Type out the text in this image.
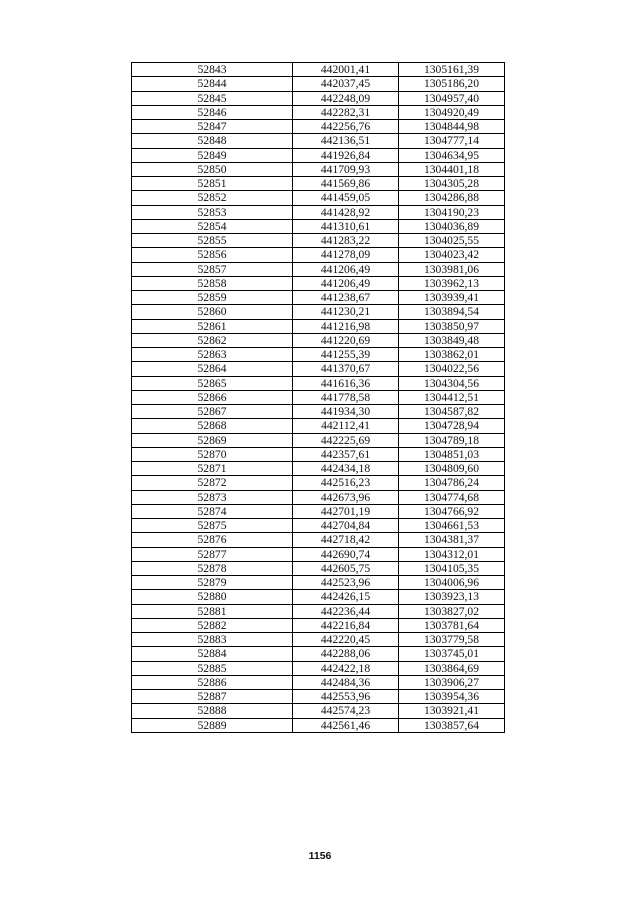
52843	442001,41	1305161,39
52844	442037,45	1305186,20
52845	442248,09	1304957,40
52846	442282,31	1304920,49
52847	442256,76	1304844,98
52848	442136,51	1304777,14
52849	441926,84	1304634,95
52850	441709,93	1304401,18
52851	441569,86	1304305,28
52852	441459,05	1304286,88
52853	441428,92	1304190,23
52854	441310,61	1304036,89
52855	441283,22	1304025,55
52856	441278,09	1304023,42
52857	441206,49	1303981,06
52858	441206,49	1303962,13
52859	441238,67	1303939,41
52860	441230,21	1303894,54
52861	441216,98	1303850,97
52862	441220,69	1303849,48
52863	441255,39	1303862,01
52864	441370,67	1304022,56
52865	441616,36	1304304,56
52866	441778,58	1304412,51
52867	441934,30	1304587,82
52868	442112,41	1304728,94
52869	442225,69	1304789,18
52870	442357,61	1304851,03
52871	442434,18	1304809,60
52872	442516,23	1304786,24
52873	442673,96	1304774,68
52874	442701,19	1304766,92
52875	442704,84	1304661,53
52876	442718,42	1304381,37
52877	442690,74	1304312,01
52878	442605,75	1304105,35
52879	442523,96	1304006,96
52880	442426,15	1303923,13
52881	442236,44	1303827,02
52882	442216,84	1303781,64
52883	442220,45	1303779,58
52884	442288,06	1303745,01
52885	442422,18	1303864,69
52886	442484,36	1303906,27
52887	442553,96	1303954,36
52888	442574,23	1303921,41
52889	442561,46	1303857,64
1156
